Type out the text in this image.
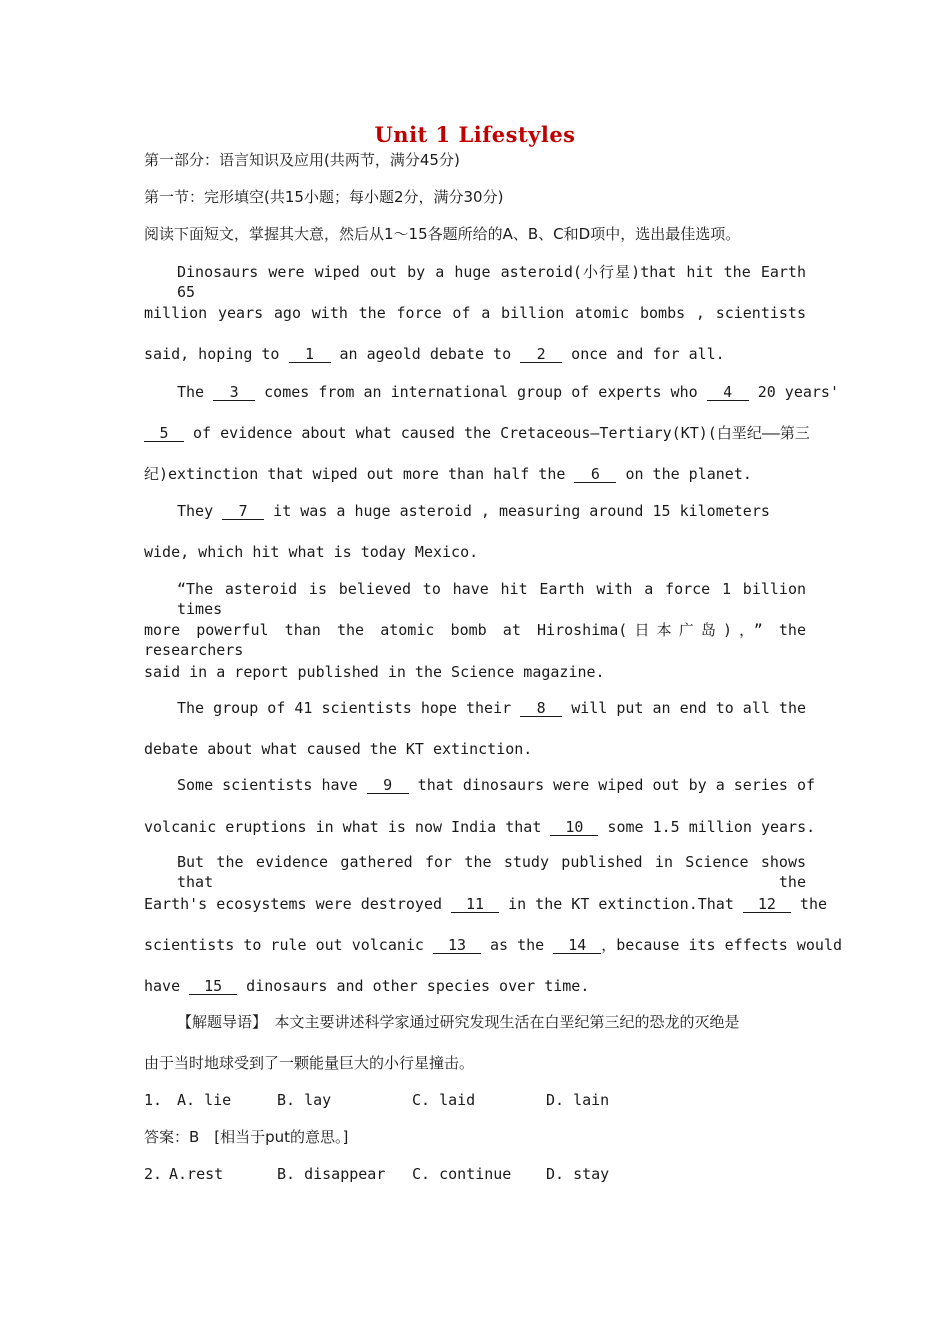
Unit 1 Lifestyles
第一部分：语言知识及应用(共两节，满分45分)
第一节：完形填空(共15小题；每小题2分，满分30分)
阅读下面短文，掌握其大意，然后从1～15各题所给的A、B、C和D项中，选出最佳选项。
Dinosaurs were wiped out by a huge asteroid(小行星)that hit the Earth 65
million years ago with the force of a billion atomic bombs , scientists
said, hoping to 1 an ageold debate to 2 once and for all.
The 3 comes from an international group of experts who 4 20 years'
5 of evidence about what caused the Cretaceous—Tertiary(KT)(白垩纪——第三
纪)extinction that wiped out more than half the 6 on the planet.
They 7 it was a huge asteroid , measuring around 15 kilometers
wide, which hit what is today Mexico.
“The asteroid is believed to have hit Earth with a force 1 billion times
more powerful than the atomic bomb at Hiroshima(日本广岛)，” the researchers
said in a report published in the Science magazine.
The group of 41 scientists hope their 8 will put an end to all the
debate about what caused the KT extinction.
Some scientists have 9 that dinosaurs were wiped out by a series of
volcanic eruptions in what is now India that 10 some 1.5 million years.
But the evidence gathered for the study published in Science shows that the
Earth's ecosystems were destroyed 11 in the KT extinction.That 12 the
scientists to rule out volcanic 13 as the 14 ，because its effects would
have 15 dinosaurs and other species over time.
【解题导语】　本文主要讲述科学家通过研究发现生活在白垩纪第三纪的恐龙的灭绝是
由于当时地球受到了一颗能量巨大的小行星撞击。
1. A. lie	B. lay	C. laid	D. lain
答案：B　[相当于put的意思。]
2. A.rest	B. disappear C. continue D. stay
